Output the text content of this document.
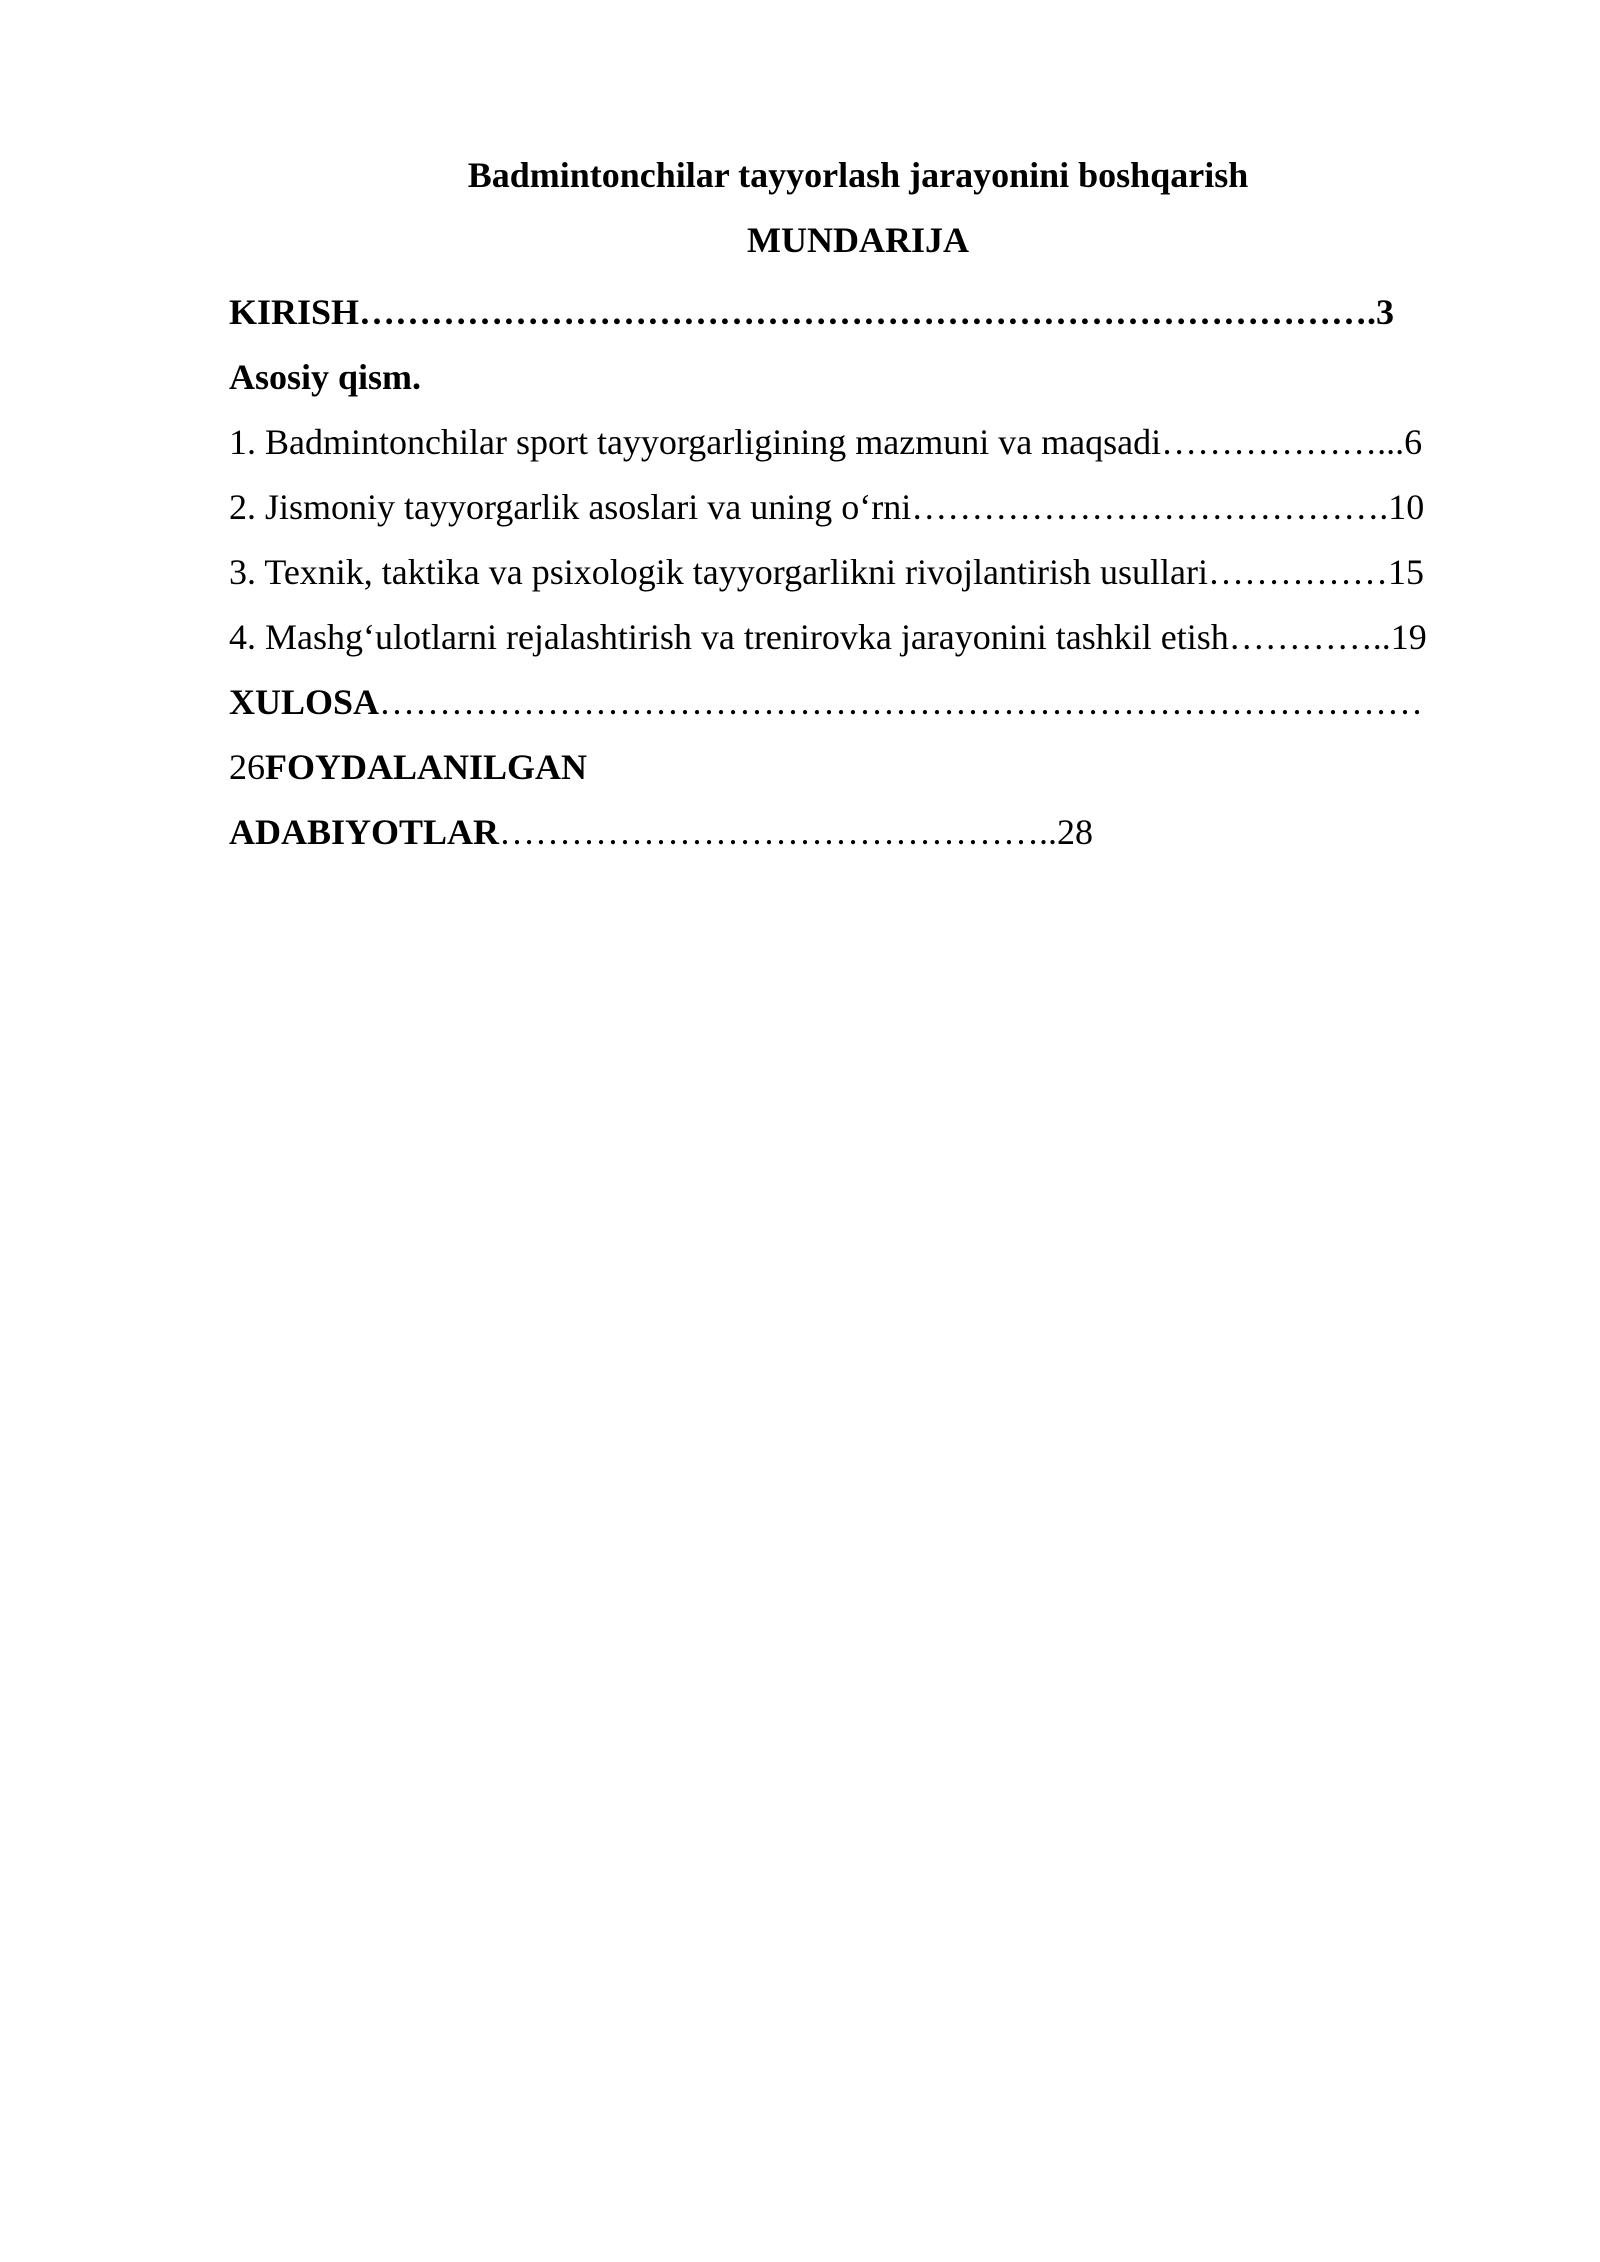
Badmintonchilar tayyorlash jarayonini boshqarish
MUNDARIJA
KIRISH………………………………………………………………………….3
Asosiy qism.
1. Badmintonchilar sport tayyorgarligining mazmuni va maqsadi………………...6
2. Jismoniy tayyorgarlik asoslari va uning o‘rni………………………………….10
3. Texnik, taktika va psixologik tayyorgarlikni rivojlantirish usullari……………15
4. Mashg‘ulotlarni rejalashtirish va trenirovka jarayonini tashkil etish…………..19
XULOSA……………………………………………………………………………
26FOYDALANILGAN
ADABIYOTLAR………………………………………..28
